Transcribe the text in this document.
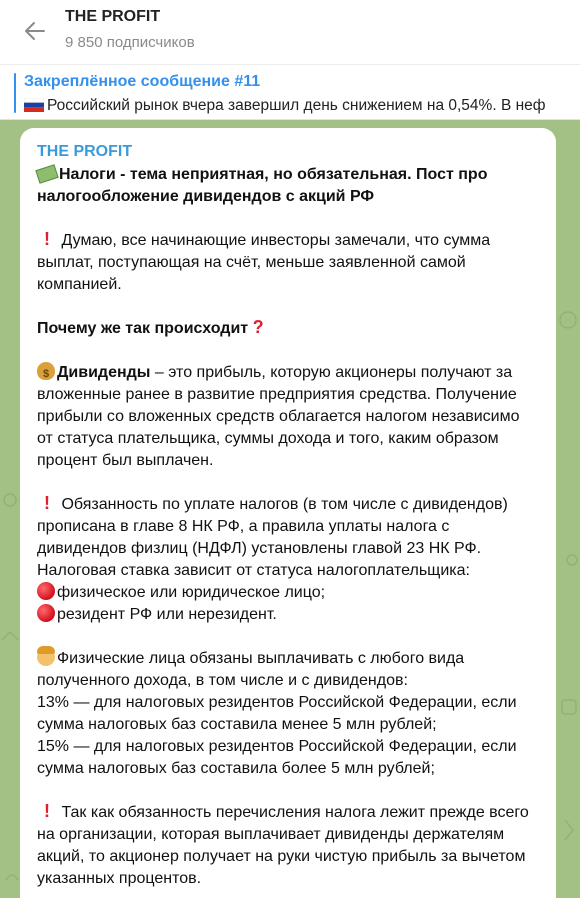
THE PROFIT
9 850 подписчиков
Закреплённое сообщение #11
Российский рынок вчера завершил день снижением на 0,54%. В неф
THE PROFIT

Налоги - тема неприятная, но обязательная. Пост про налогообложение дивидендов с акций РФ

! Думаю, все начинающие инвесторы замечали, что сумма выплат, поступающая на счёт, меньше заявленной самой компанией.

Почему же так происходит ?

$Дивиденды – это прибыль, которую акционеры получают за вложенные ранее в развитие предприятия средства. Получение прибыли со вложенных средств облагается налогом независимо от статуса плательщика, суммы дохода и того, каким образом процент был выплачен.

! Обязанность по уплате налогов (в том числе с дивидендов) прописана в главе 8 НК РФ, а правила уплаты налога с дивидендов физлиц (НДФЛ) установлены главой 23 НК РФ. Налоговая ставка зависит от статуса налогоплательщика:

физическое или юридическое лицо;

резидент РФ или нерезидент.

Физические лица обязаны выплачивать с любого вида полученного дохода, в том числе и с дивидендов:

13% — для налоговых резидентов Российской Федерации, если сумма налоговых баз составила менее 5 млн рублей;

15% — для налоговых резидентов Российской Федерации, если сумма налоговых баз составила более 5 млн рублей;

! Так как обязанность перечисления налога лежит прежде всего на организации, которая выплачивает дивиденды держателям акций, то акционер получает на руки чистую прибыль за вычетом указанных процентов.
